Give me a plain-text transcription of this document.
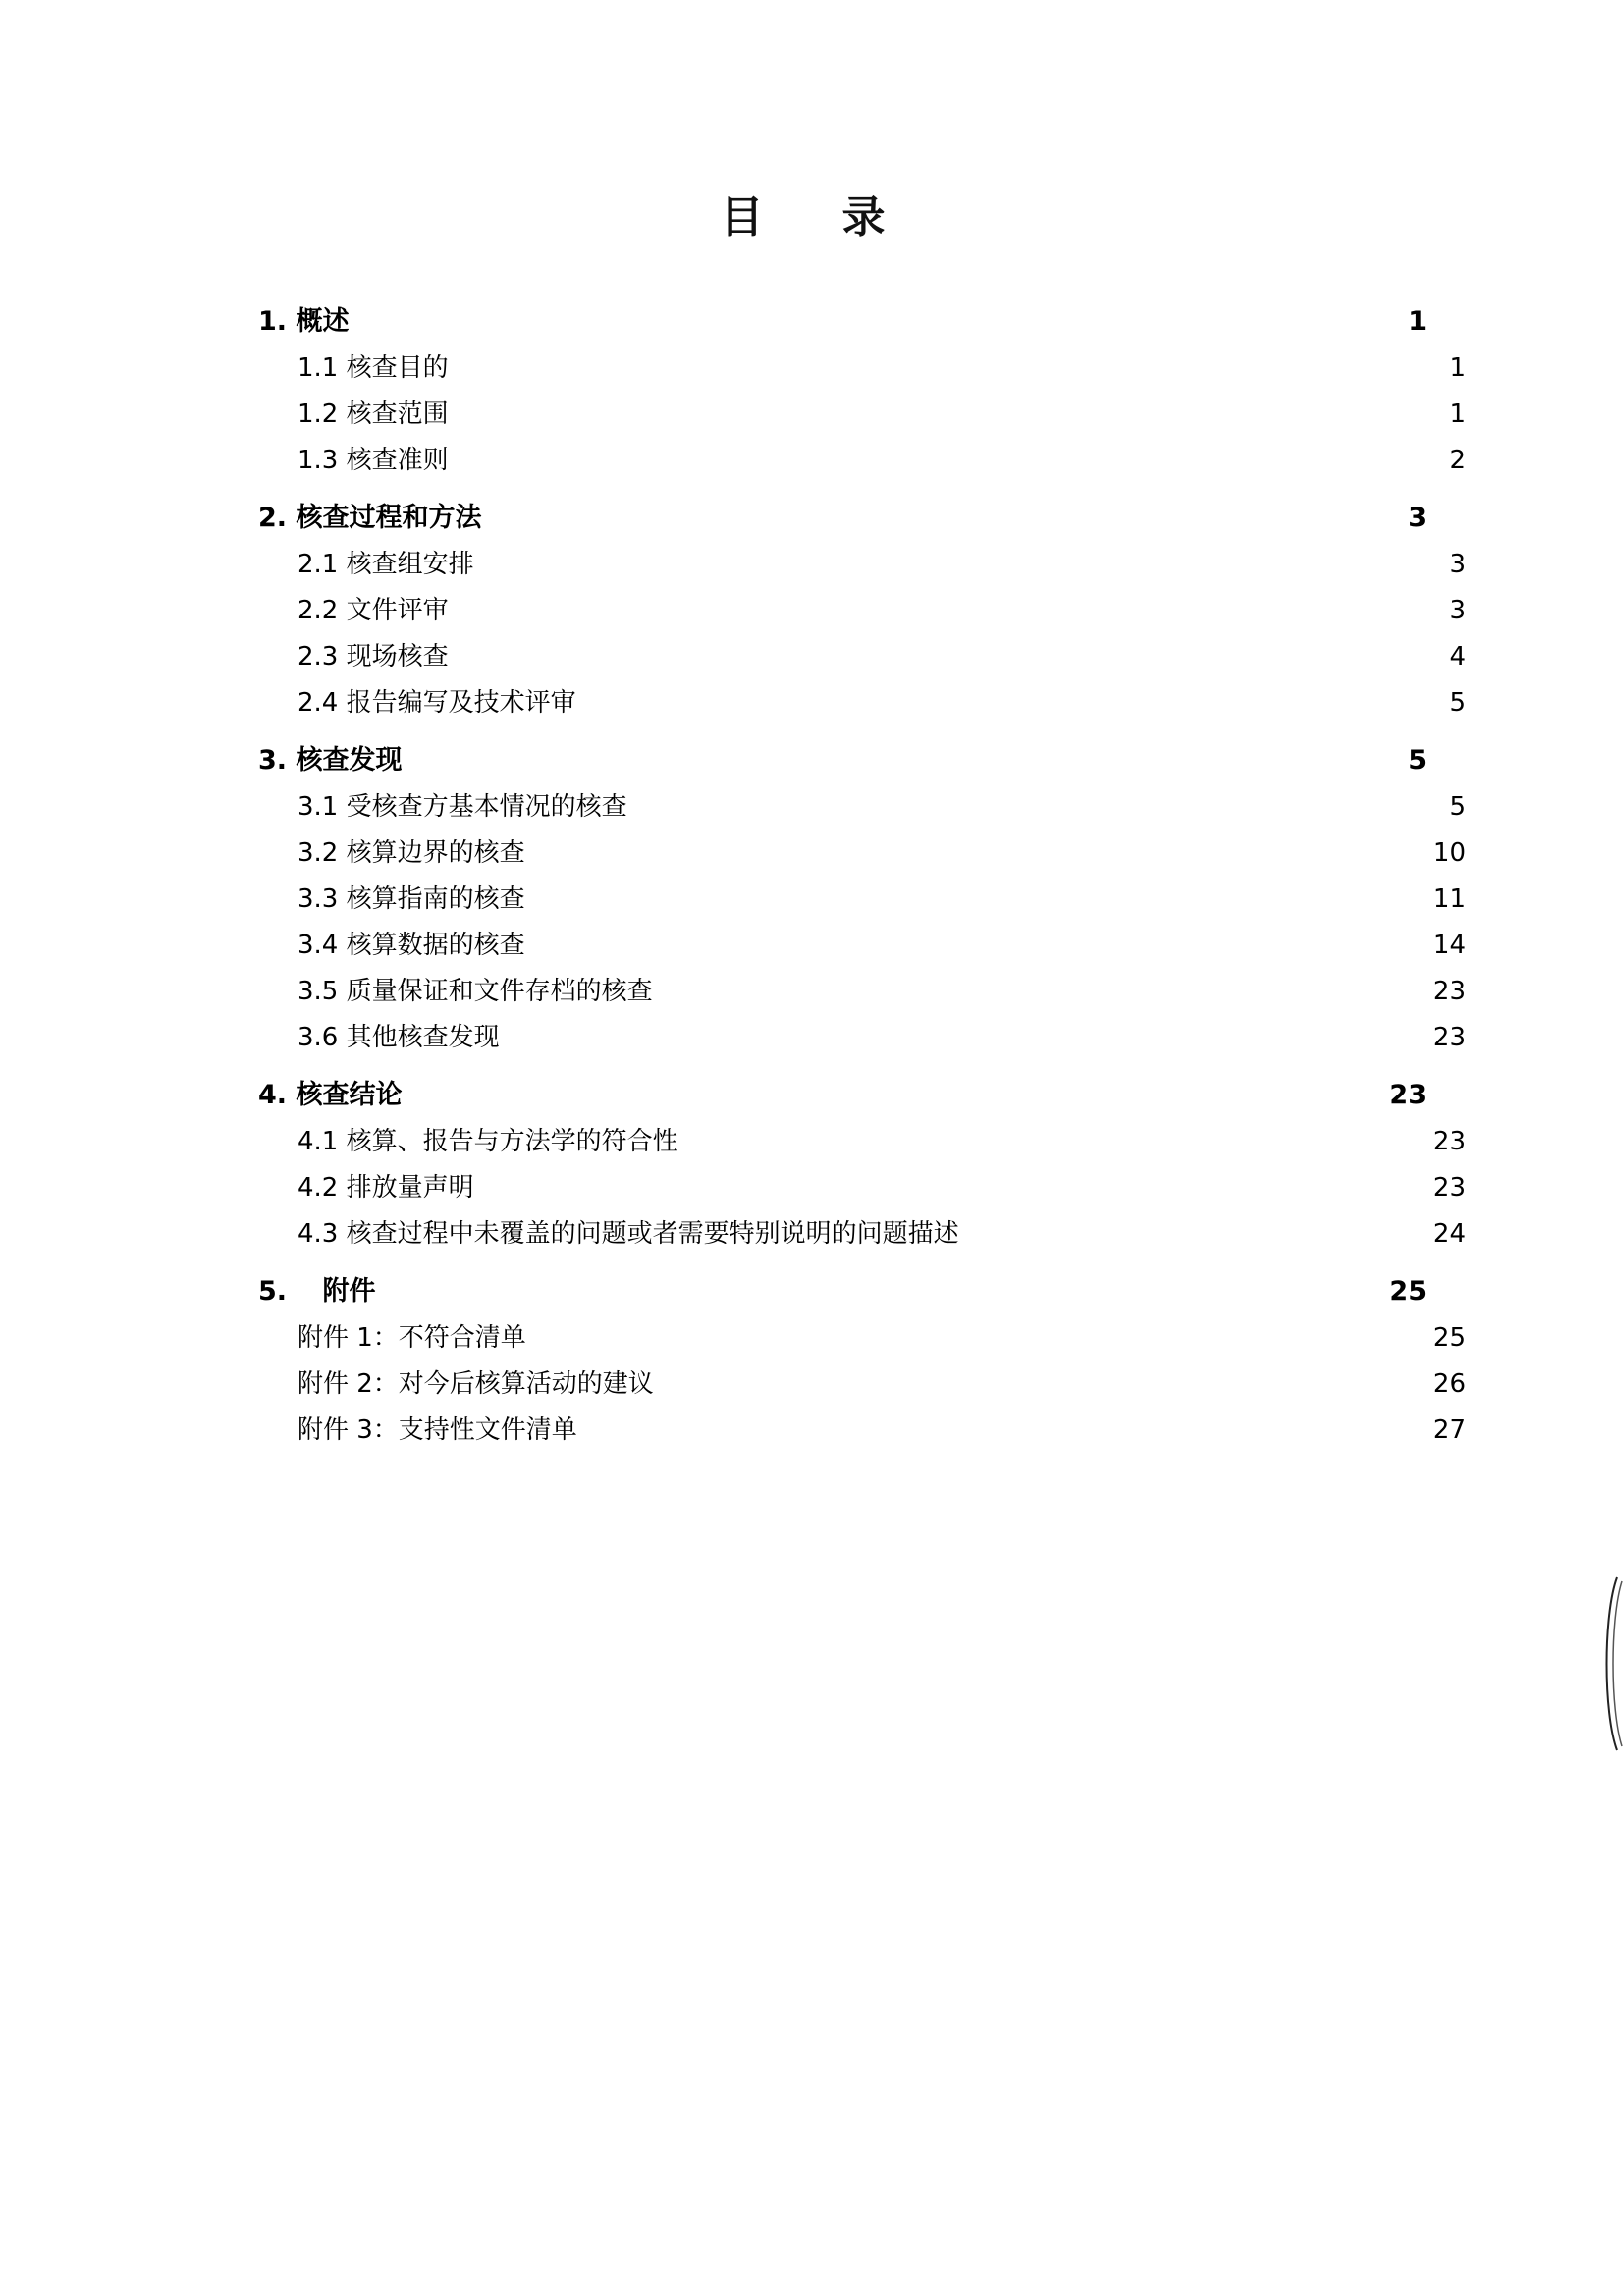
目　录
1. 概述 .....	1
1.1 核查目的 .....	1
1.2 核查范围 .....	1
1.3 核查准则 .....	2
2. 核查过程和方法 .....	3
2.1 核查组安排 .....	3
2.2 文件评审 .....	3
2.3 现场核查 .....	4
2.4 报告编写及技术评审 .....	5
3. 核查发现 .....	5
3.1 受核查方基本情况的核查 .....	5
3.2 核算边界的核查 .....	10
3.3 核算指南的核查 .....	11
3.4 核算数据的核查 .....	14
3.5 质量保证和文件存档的核查 .....	23
3.6 其他核查发现 .....	23
4. 核查结论 .....	23
4.1 核算、报告与方法学的符合性 .....	23
4.2 排放量声明 .....	23
4.3 核查过程中未覆盖的问题或者需要特别说明的问题描述 .....	24
5.　 附件 .....	25
附件 1：不符合清单 .....	25
附件 2：对今后核算活动的建议 .....	26
附件 3：支持性文件清单 .....	27
